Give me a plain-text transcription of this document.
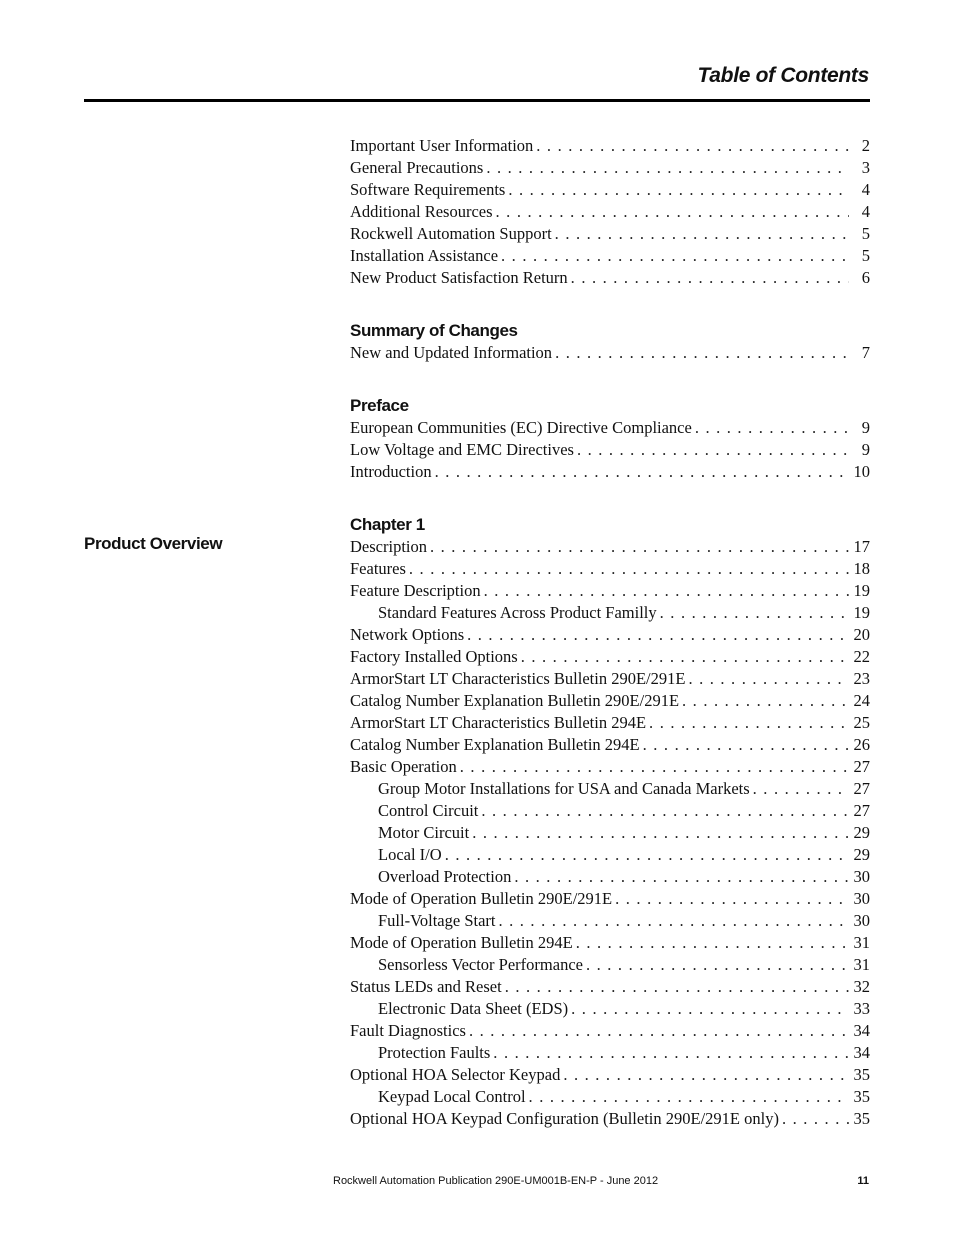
Table of Contents
Product Overview
Important User Information . . .	2
General Precautions . . .	3
Software Requirements . . .	4
Additional Resources . . .	4
Rockwell Automation Support . . .	5
Installation Assistance . . .	5
New Product Satisfaction Return . . .	6
Summary of Changes
New and Updated Information . . .	7
Preface
European Communities (EC) Directive Compliance . . .	9
Low Voltage and EMC Directives . . .	9
Introduction . . .	10
Chapter 1
Description . . .	17
Features . . .	18
Feature Description . . .	19
Standard Features Across Product Familly . . .	19
Network Options . . .	20
Factory Installed Options . . .	22
ArmorStart LT Characteristics Bulletin 290E/291E . . .	23
Catalog Number Explanation Bulletin 290E/291E . . .	24
ArmorStart LT Characteristics Bulletin 294E . . .	25
Catalog Number Explanation Bulletin 294E . . .	26
Basic Operation . . .	27
Group Motor Installations for USA and Canada Markets . . .	27
Control Circuit . . .	27
Motor Circuit . . .	29
Local I/O . . .	29
Overload Protection . . .	30
Mode of Operation Bulletin 290E/291E . . .	30
Full-Voltage Start . . .	30
Mode of Operation Bulletin 294E . . .	31
Sensorless Vector Performance . . .	31
Status LEDs and Reset . . .	32
Electronic Data Sheet (EDS) . . .	33
Fault Diagnostics . . .	34
Protection Faults . . .	34
Optional HOA Selector Keypad . . .	35
Keypad Local Control . . .	35
Optional HOA Keypad Configuration (Bulletin 290E/291E only) . . .	35
Rockwell Automation Publication 290E-UM001B-EN-P - June 2012	11
